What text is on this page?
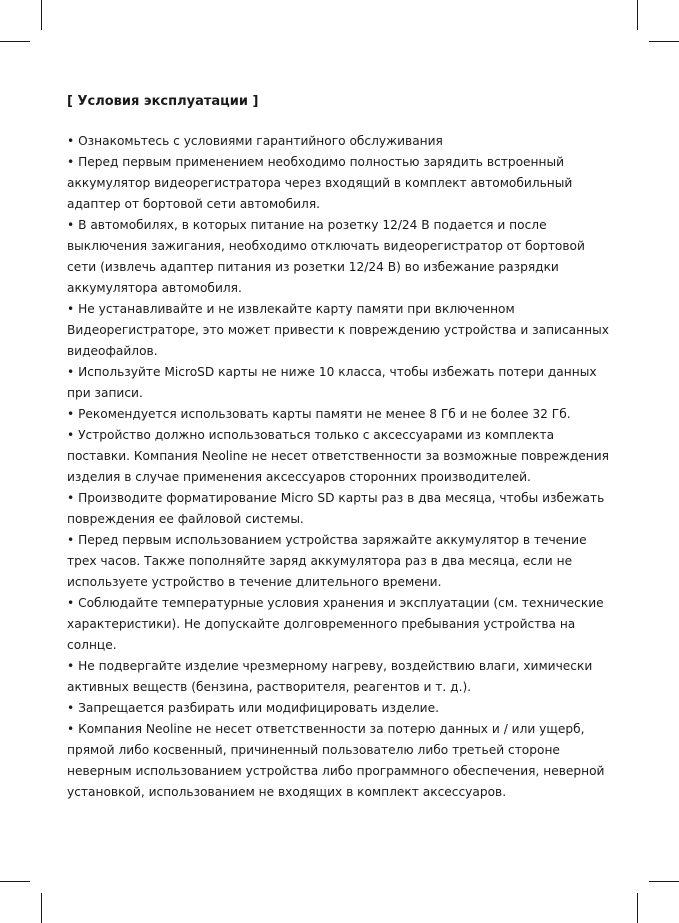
[ Условия эксплуатации ]
• Ознакомьтесь с условиями гарантийного обслуживания
• Перед первым применением необходимо полностью зарядить встроенный аккумулятор видеорегистратора через входящий в комплект автомобильный адаптер от бортовой сети автомобиля.
• В автомобилях, в которых питание на розетку 12/24 В подается и после выключения зажигания, необходимо отключать видеорегистратор от бортовой сети (извлечь адаптер питания из розетки 12/24 В) во избежание разрядки аккумулятора автомобиля.
• Не устанавливайте и не извлекайте карту памяти при включенном Видеорегистраторе, это может привести к повреждению устройства и записанных видеофайлов.
• Используйте MicroSD карты не ниже 10 класса, чтобы избежать потери данных при записи.
• Рекомендуется использовать карты памяти не менее 8 Гб и не более 32 Гб.
• Устройство должно использоваться только с аксессуарами из комплекта поставки. Компания Neoline не несет ответственности за возможные повреждения изделия в случае применения аксессуаров сторонних производителей.
• Производите форматирование Micro SD карты раз в два месяца, чтобы избежать повреждения ее файловой системы.
• Перед первым использованием устройства заряжайте аккумулятор в течение трех часов. Также пополняйте заряд аккумулятора раз в два месяца, если не используете устройство в течение длительного времени.
• Соблюдайте температурные условия хранения и эксплуатации (см. технические характеристики). Не допускайте долговременного пребывания устройства на солнце.
• Не подвергайте изделие чрезмерному нагреву, воздействию влаги, химически активных веществ (бензина, растворителя, реагентов и т. д.).
• Запрещается разбирать или модифицировать изделие.
• Компания Neoline не несет ответственности за потерю данных и / или ущерб, прямой либо косвенный, причиненный пользователю либо третьей стороне неверным использованием устройства либо программного обеспечения, неверной установкой, использованием не входящих в комплект аксессуаров.
